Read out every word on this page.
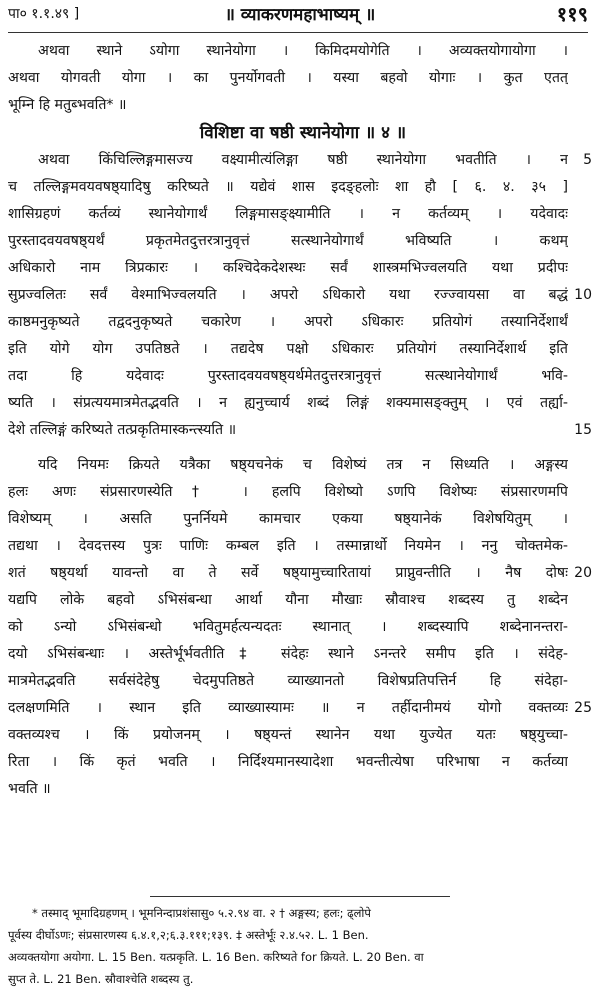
पा० १.१.४९ ]	॥ व्याकरणमहाभाष्यम् ॥	११९
अथवा स्थाने ऽयोगा स्थानेयोगा । किमिदमयोगेति । अव्यक्तयोगायोगा ।
अथवा योगवती योगा । का पुनर्योगवती । यस्या बहवो योगाः । कुत एतत्
भूम्नि हि मतुब्भवति* ॥
विशिष्टा वा षष्ठी स्थानेयोगा ॥ ४ ॥
अथवा किंचिल्लिङ्गमासज्य वक्ष्यामीत्यंलिङ्गा षष्ठी स्थानेयोगा भवतीति । न
च तल्लिङ्गमवयवषष्ठ्यादिषु करिष्यते ॥ यद्येवं शास इदङ्हलोः शा हौ [ ६. ४. ३५ ]
शासिग्रहणं कर्तव्यं स्थानेयोगार्थं लिङ्गमासङ्क्ष्यामीति । न कर्तव्यम् । यदेवादः
पुरस्तादवयवषष्ठ्यर्थं प्रकृतमेतदुत्तरत्रानुवृत्तं सत्स्थानेयोगार्थं भविष्यति । कथम्
अधिकारो नाम त्रिप्रकारः । कश्चिदेकदेशस्थः सर्वं शास्त्रमभिज्वलयति यथा प्रदीपः
सुप्रज्वलितः सर्वं वेश्माभिज्वलयति । अपरो ऽधिकारो यथा रज्ज्वायसा वा बद्धं
काष्ठमनुकृष्यते तद्वदनुकृष्यते चकारेण । अपरो ऽधिकारः प्रतियोगं तस्यानिर्देशार्थं
इति योगे योग उपतिष्ठते । तद्यदेष पक्षो ऽधिकारः प्रतियोगं तस्यानिर्देशार्थ इति
तदा हि यदेवादः पुरस्तादवयवषष्ठ्यर्थमेतदुत्तरत्रानुवृत्तं सत्स्थानेयोगार्थं भवि-
ष्यति । संप्रत्ययमात्रमेतद्भवति । न ह्यनुच्चार्य शब्दं लिङ्गं शक्यमासङ्क्तुम् । एवं तर्ह्या-
देशे तल्लिङ्गं करिष्यते तत्प्रकृतिमास्कन्त्स्यति ॥
यदि नियमः क्रियते यत्रैका षष्ठ्यचनेकं च विशेष्यं तत्र न सिध्यति । अङ्गस्य
हलः अणः संप्रसारणस्येति† । हलपि विशेष्यो ऽणपि विशेष्यः संप्रसारणमपि
विशेष्यम् । असति पुनर्नियमे कामचार एकया षष्ठ्यानेकं विशेषयितुम् ।
तद्यथा । देवदत्तस्य पुत्रः पाणिः कम्बल इति । तस्मान्नार्थो नियमेन । ननु चोक्तमेक-
शतं षष्ठ्यर्था यावन्तो वा ते सर्वे षष्ठ्यामुच्चारितायां प्राप्नुवन्तीति । नैष दोषः
यद्यपि लोके बहवो ऽभिसंबन्धा आर्था यौना मौखाः स्रौवाश्च शब्दस्य तु शब्देन
को ऽन्यो ऽभिसंबन्धो भवितुमर्हत्यन्यदतः स्थानात् । शब्दस्यापि शब्देनानन्तरा-
दयो ऽभिसंबन्धाः । अस्तेर्भूर्भवतीति‡ संदेहः स्थाने ऽनन्तरे समीप इति । संदेह-
मात्रमेतद्भवति सर्वसंदेहेषु चेदमुपतिष्ठते व्याख्यानतो विशेषप्रतिपत्तिर्न हि संदेहा-
दलक्षणमिति । स्थान इति व्याख्यास्यामः ॥ न तर्हीदानीमयं योगो वक्तव्यः
वक्तव्यश्च । किं प्रयोजनम् । षष्ठ्यन्तं स्थानेन यथा युज्येत यतः षष्ठ्युच्चा-
रिता । किं कृतं भवति । निर्दिश्यमानस्यादेशा भवन्तीत्येषा परिभाषा न कर्तव्या
भवति ॥
5
10
15
20
25
* तस्माद् भूमादिग्रहणम् । भूमनिन्दाप्रशंसासु० ५.२.९४ वा. २ † अङ्गस्य; हलः; ढ्लोपे
पूर्वस्य दीर्घोऽणः; संप्रसारणस्य ६.४.१,२;६.३.१११;१३९. ‡ अस्तेर्भूः २.४.५२. L. 1 Ben.
अव्यक्तयोगा अयोगा. L. 15 Ben. यत्प्रकृति. L. 16 Ben. करिष्यते for क्रियते. L. 20 Ben. वा
सुप्त ते. L. 21 Ben. स्रौवाश्चेति शब्दस्य तु.
